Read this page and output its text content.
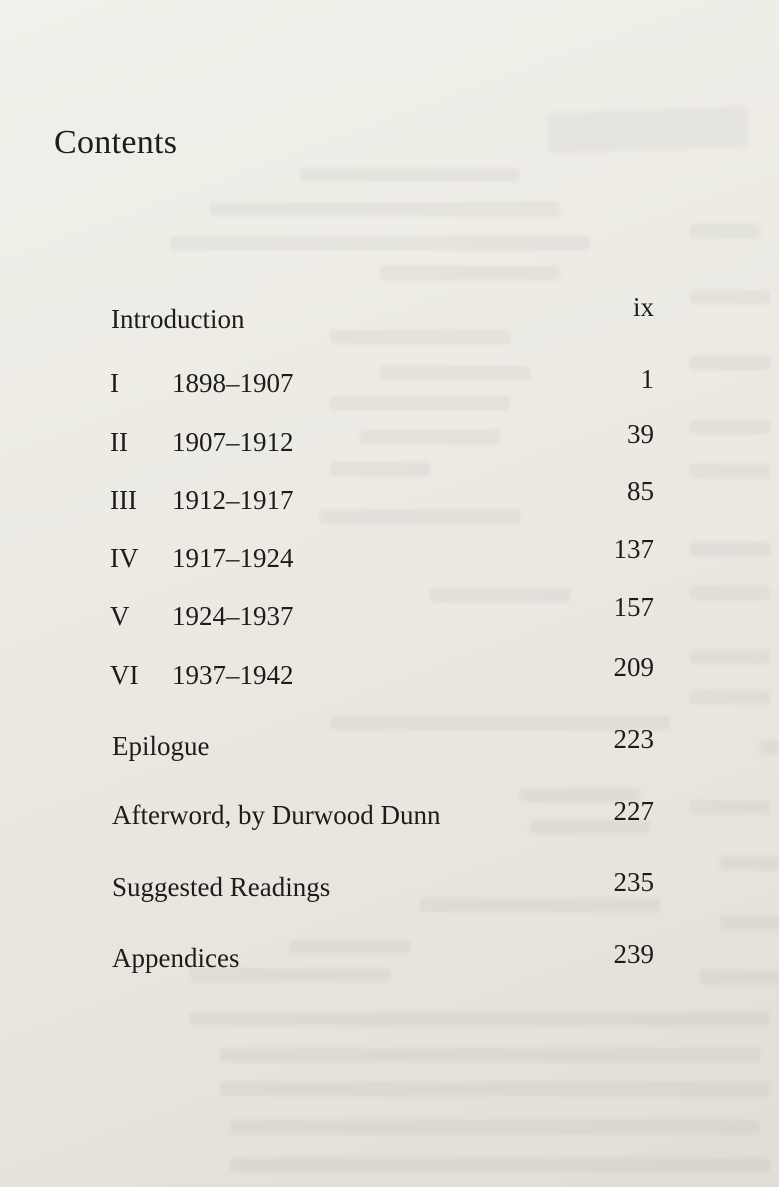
Contents
Introduction	ix
I 1898–1907	1
II 1907–1912	39
III 1912–1917	85
IV 1917–1924	137
V 1924–1937	157
VI 1937–1942	209
Epilogue	223
Afterword, by Durwood Dunn	227
Suggested Readings	235
Appendices	239
